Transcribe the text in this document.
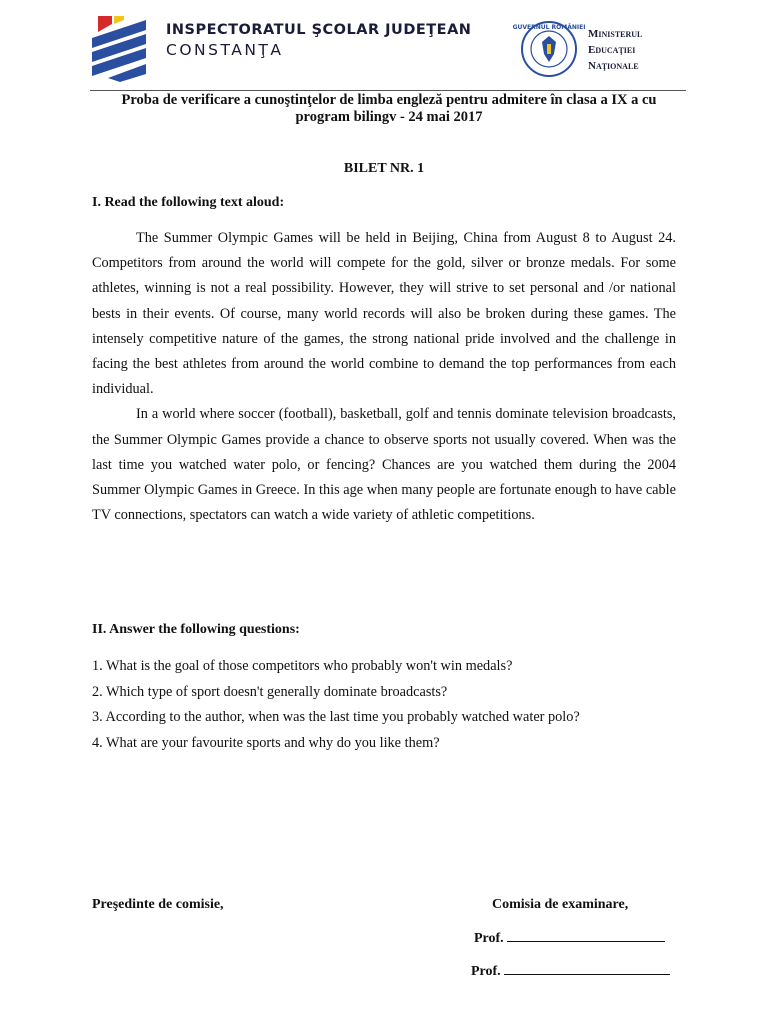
INSPECTORATUL ŞCOLAR JUDEŢEAN
CONSTANŢA
GUVERNUL ROMÂNIEI
Ministerul
Educaţiei
Naţionale
Proba de verificare a cunoştinţelor de limba engleză pentru admitere în clasa a IX a cu
program bilingv - 24 mai 2017
BILET NR. 1
I. Read the following text aloud:

The Summer Olympic Games will be held in Beijing, China from August 8 to August 24. Competitors from around the world will compete for the gold, silver or bronze medals. For some athletes, winning is not a real possibility. However, they will strive to set personal and /or national bests in their events. Of course, many world records will also be broken during these games. The intensely competitive nature of the games, the strong national pride involved and the challenge in facing the best athletes from around the world combine to demand the top performances from each individual.

In a world where soccer (football), basketball, golf and tennis dominate television broadcasts, the Summer Olympic Games provide a chance to observe sports not usually covered. When was the last time you watched water polo, or fencing? Chances are you watched them during the 2004 Summer Olympic Games in Greece. In this age when many people are fortunate enough to have cable TV connections, spectators can watch a wide variety of athletic competitions.

II. Answer the following questions:
1. What is the goal of those competitors who probably won't win medals?
2. Which type of sport doesn't generally dominate broadcasts?
3. According to the author, when was the last time you probably watched water polo?
4. What are your favourite sports and why do you like them?
Preşedinte de comisie,	Comisia de examinare,
Prof.
Prof.
